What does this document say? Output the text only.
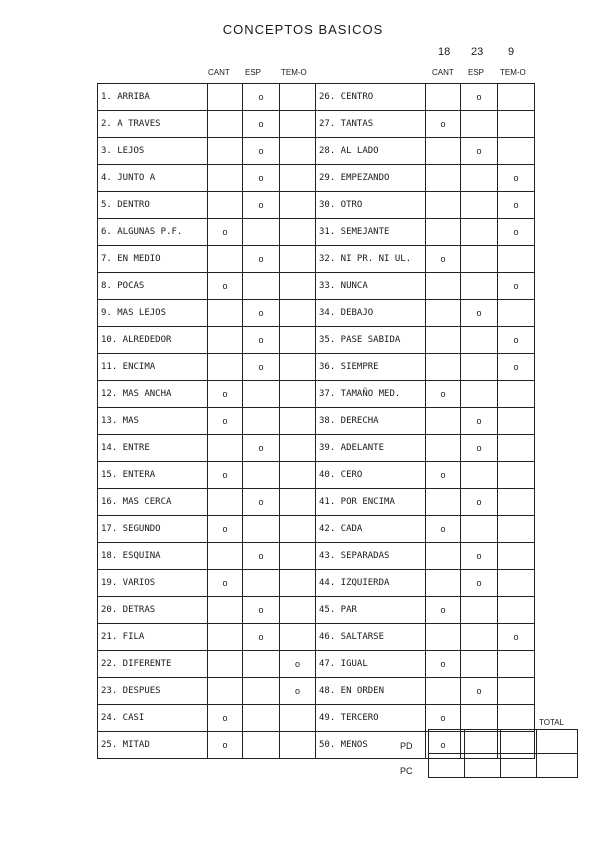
CONCEPTOS BASICOS
18 23 9
CANT ESP TEM-O	CANT ESP TEM-O
1. ARRIBA		o		26. CENTRO		o	
2. A TRAVES		o		27. TANTAS	o		
3. LEJOS		o		28. AL LADO		o	
4. JUNTO A		o		29. EMPEZANDO			o
5. DENTRO		o		30. OTRO			o
6. ALGUNAS P.F.	o			31. SEMEJANTE			o
7. EN MEDIO		o		32. NI PR. NI UL.	o		
8. POCAS	o			33. NUNCA			o
9. MAS LEJOS		o		34. DEBAJO		o	
10. ALREDEDOR		o		35. PASE SABIDA			o
11. ENCIMA		o		36. SIEMPRE			o
12. MAS ANCHA	o			37. TAMAÑO MED.	o		
13. MAS	o			38. DERECHA		o	
14. ENTRE		o		39. ADELANTE		o	
15. ENTERA	o			40. CERO	o		
16. MAS CERCA		o		41. POR ENCIMA		o	
17. SEGUNDO	o			42. CADA	o		
18. ESQUINA		o		43. SEPARADAS		o	
19. VARIOS	o			44. IZQUIERDA		o	
20. DETRAS		o		45. PAR	o		
21. FILA		o		46. SALTARSE			o
22. DIFERENTE			o	47. IGUAL	o		
23. DESPUES			o	48. EN ORDEN		o	
24. CASI	o			49. TERCERO	o		
25. MITAD	o			50. MENOS	o		

TOTAL
PD
PC
